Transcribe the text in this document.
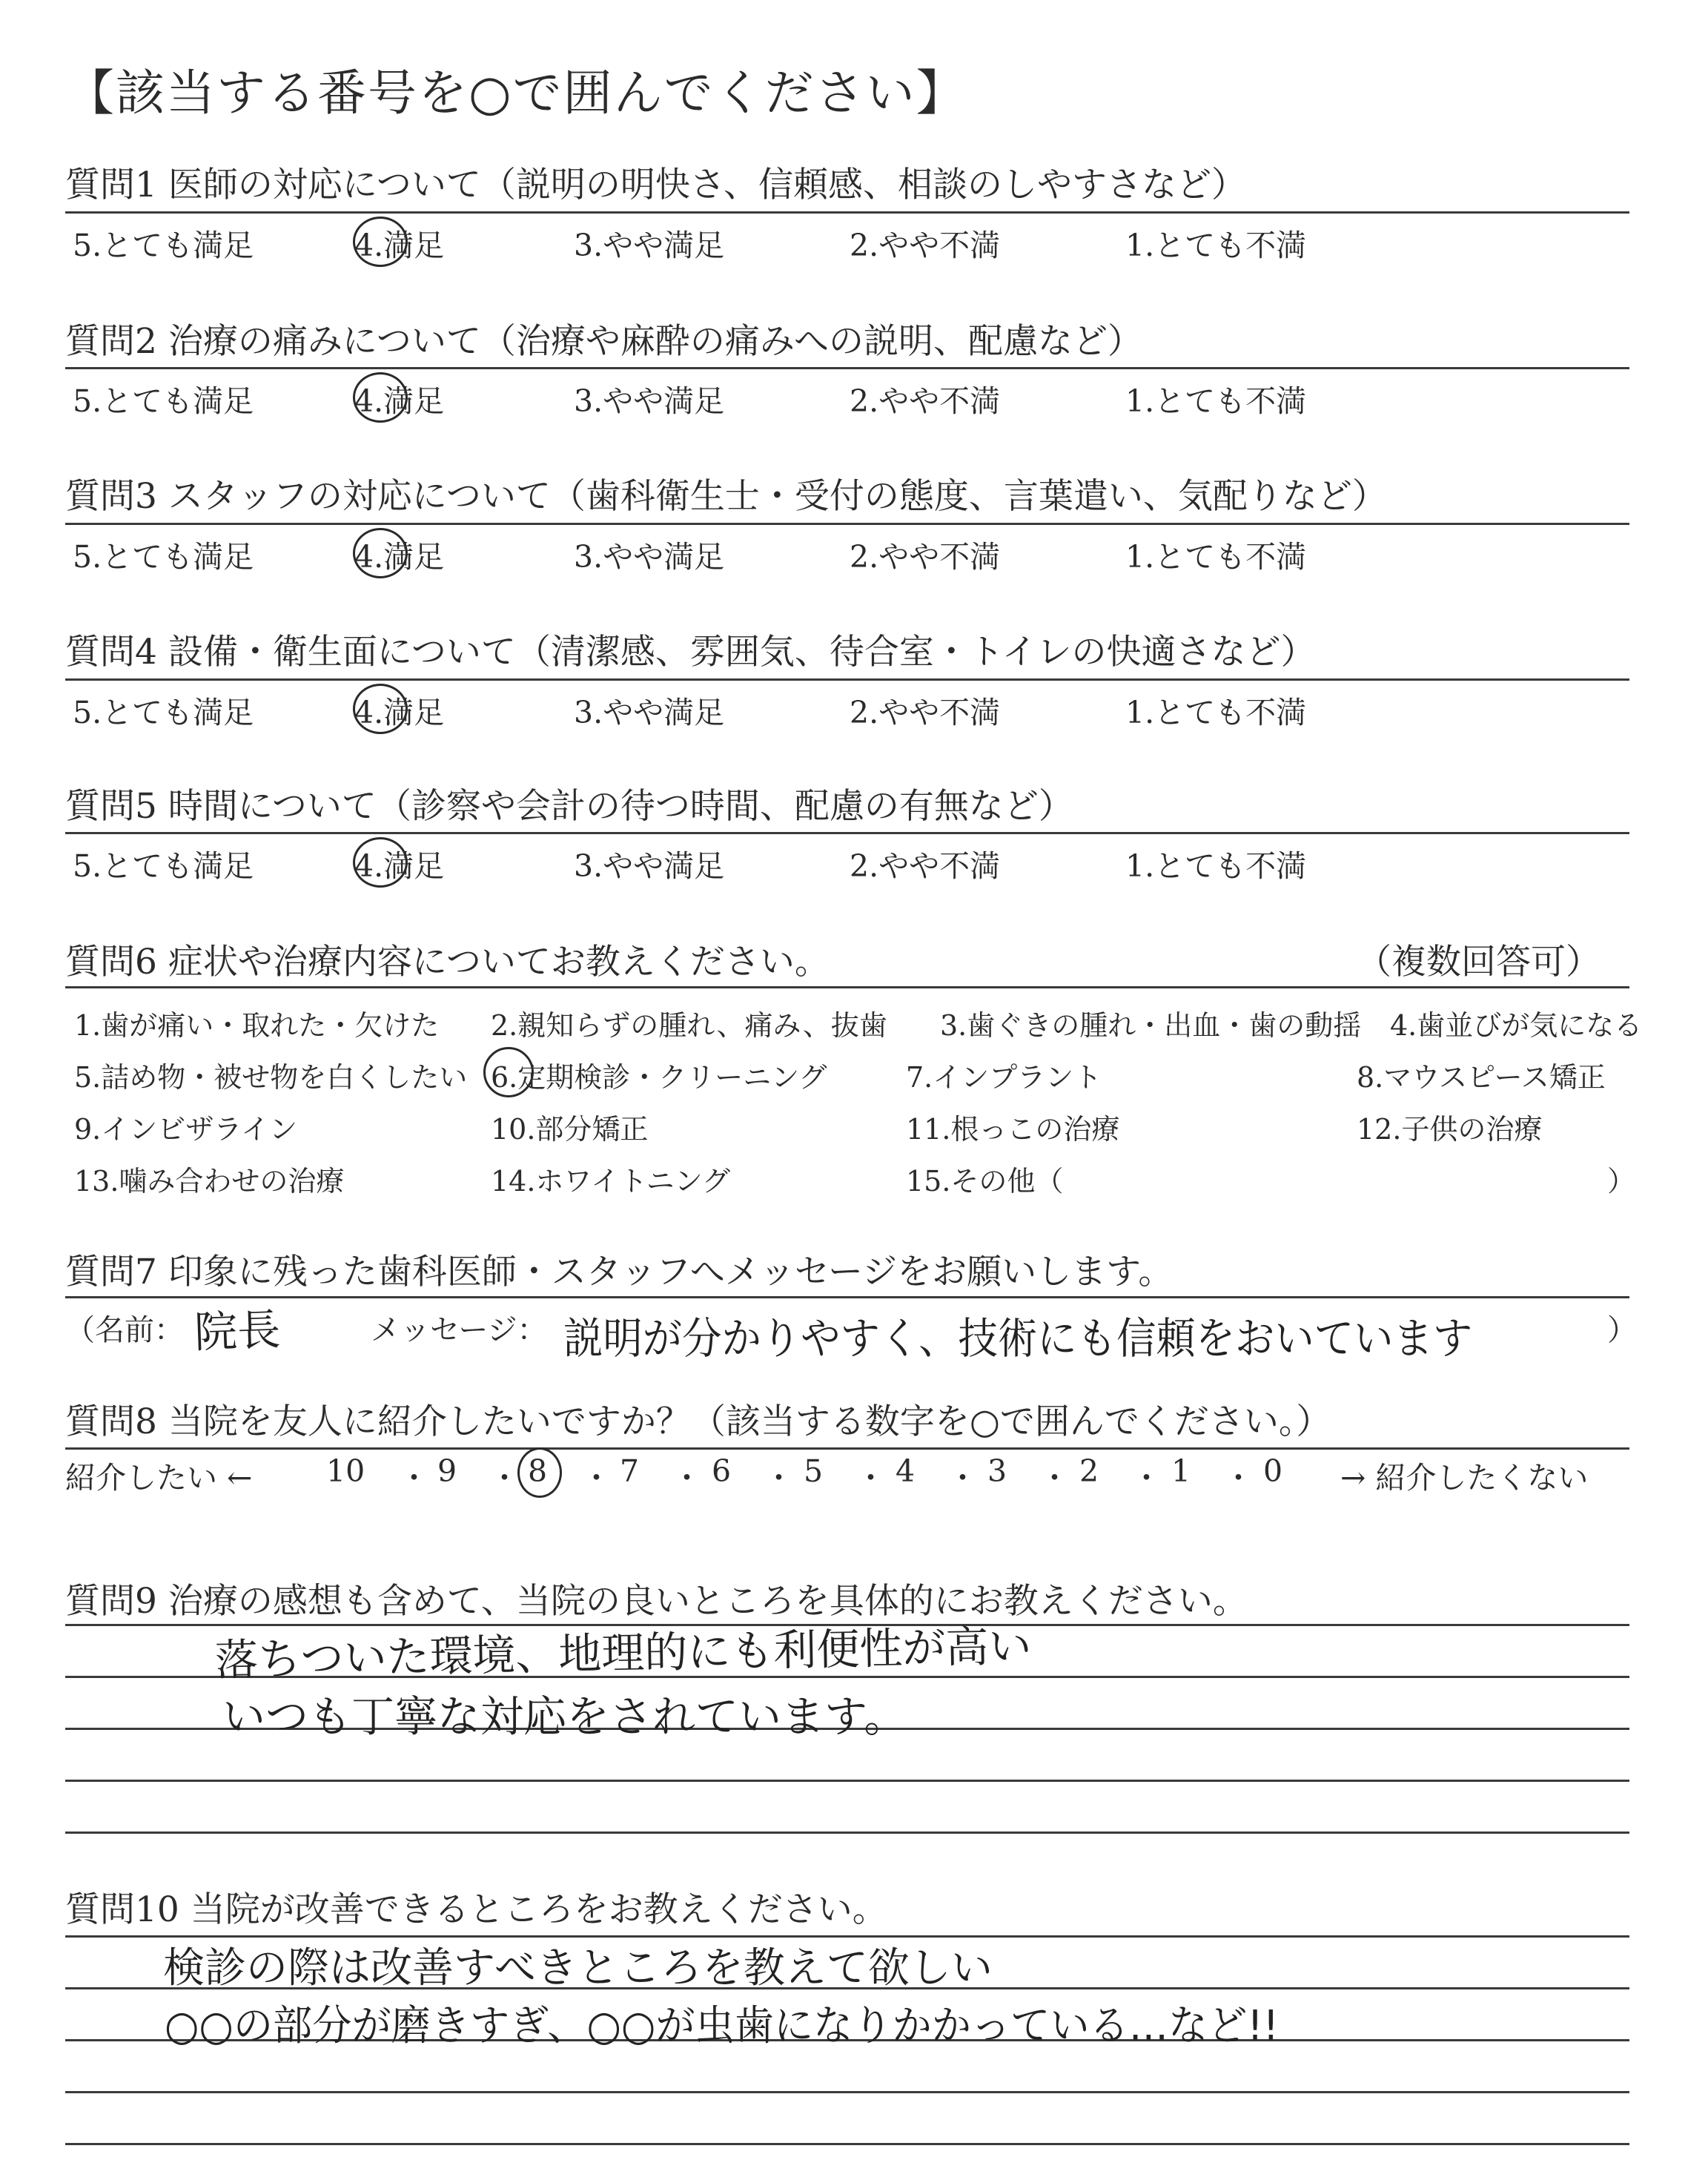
【該当する番号を○で囲んでください】
質問1 医師の対応について（説明の明快さ、信頼感、相談のしやすさなど）
5.とても満足	4.満足	3.やや満足	2.やや不満	1.とても不満
質問2 治療の痛みについて（治療や麻酔の痛みへの説明、配慮など）
5.とても満足	4.満足	3.やや満足	2.やや不満	1.とても不満
質問3 スタッフの対応について（歯科衛生士・受付の態度、言葉遣い、気配りなど）
5.とても満足	4.満足	3.やや満足	2.やや不満	1.とても不満
質問4 設備・衛生面について（清潔感、雰囲気、待合室・トイレの快適さなど）
5.とても満足	4.満足	3.やや満足	2.やや不満	1.とても不満
質問5 時間について（診察や会計の待つ時間、配慮の有無など）
5.とても満足	4.満足	3.やや満足	2.やや不満	1.とても不満
質問6 症状や治療内容についてお教えください。	（複数回答可）
1.歯が痛い・取れた・欠けた 2.親知らずの腫れ、痛み、抜歯 3.歯ぐきの腫れ・出血・歯の動揺 4.歯並びが気になる
5.詰め物・被せ物を白くしたい 6.定期検診・クリーニング	7.インプラント	8.マウスピース矯正
9.インビザライン	10.部分矯正	11.根っこの治療	12.子供の治療
13.噛み合わせの治療	14.ホワイトニング	15.その他（	）
質問7 印象に残った歯科医師・スタッフへメッセージをお願いします。
（名前： 院長	メッセージ： 説明が分かりやすく、技術にも信頼をおいています	）
質問8 当院を友人に紹介したいですか？（該当する数字を○で囲んでください。）
紹介したい ← 10 ・ 9 ・ 8 ・ 7 ・ 6 ・ 5 ・ 4 ・ 3 ・ 2 ・ 1 ・ 0 → 紹介したくない
質問9 治療の感想も含めて、当院の良いところを具体的にお教えください。
落ちついた環境、地理的にも利便性が高い
いつも丁寧な対応をされています。
質問10 当院が改善できるところをお教えください。
検診の際は改善すべきところを教えて欲しい
○○の部分が磨きすぎ、○○が虫歯になりかかっている…など!!
